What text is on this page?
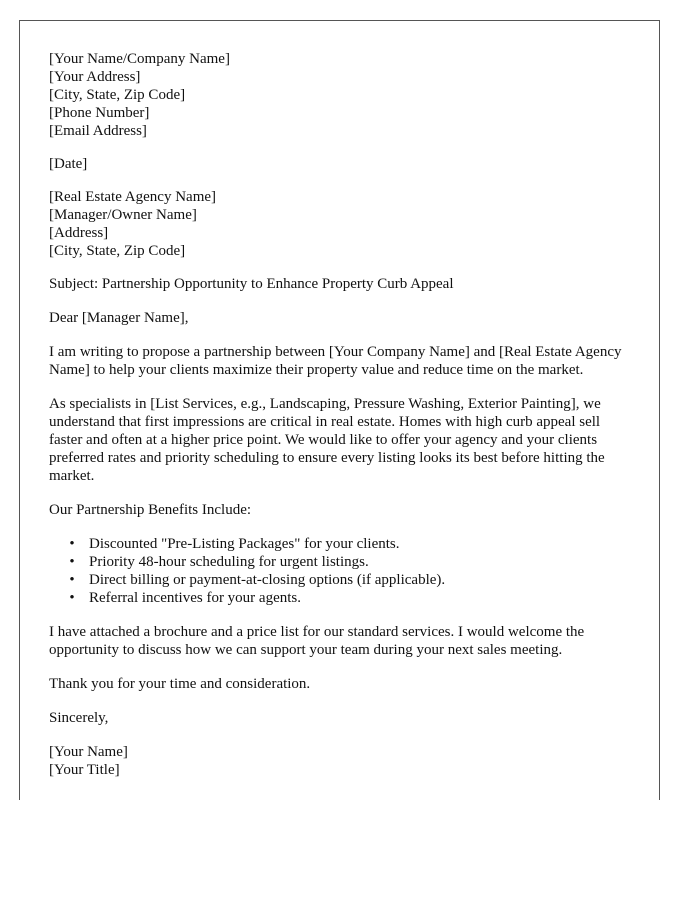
[Your Name/Company Name]
[Your Address]
[City, State, Zip Code]
[Phone Number]
[Email Address]
[Date]
[Real Estate Agency Name]
[Manager/Owner Name]
[Address]
[City, State, Zip Code]

Subject: Partnership Opportunity to Enhance Property Curb Appeal

Dear [Manager Name],

I am writing to propose a partnership between [Your Company Name] and [Real Estate Agency Name] to help your clients maximize their property value and reduce time on the market.

As specialists in [List Services, e.g., Landscaping, Pressure Washing, Exterior Painting], we understand that first impressions are critical in real estate. Homes with high curb appeal sell faster and often at a higher price point. We would like to offer your agency and your clients preferred rates and priority scheduling to ensure every listing looks its best before hitting the market.

Our Partnership Benefits Include:

• Discounted "Pre-Listing Packages" for your clients.
• Priority 48-hour scheduling for urgent listings.
• Direct billing or payment-at-closing options (if applicable).
• Referral incentives for your agents.

I have attached a brochure and a price list for our standard services. I would welcome the opportunity to discuss how we can support your team during your next sales meeting.

Thank you for your time and consideration.

Sincerely,

[Your Name]
[Your Title]
